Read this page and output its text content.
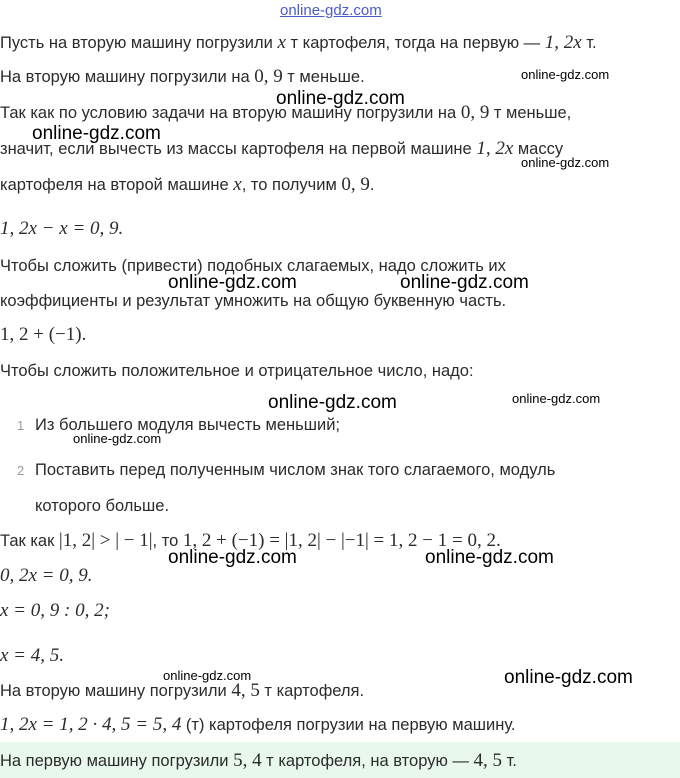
online-gdz.com
Пусть на вторую машину погрузили x т картофеля, тогда на первую — 1, 2x т.
На вторую машину погрузили на 0, 9 т меньше.
Так как по условию задачи на вторую машину погрузили на 0, 9 т меньше,
значит, если вычесть из массы картофеля на первой машине 1, 2x массу
картофеля на второй машине x, то получим 0, 9.
1, 2x − x = 0, 9.
Чтобы сложить (привести) подобных слагаемых, надо сложить их
коэффициенты и результат умножить на общую буквенную часть.
1, 2 + (−1).
Чтобы сложить положительное и отрицательное число, надо:
1 Из большего модуля вычесть меньший;
2 Поставить перед полученным числом знак того слагаемого, модуль
которого больше.
Так как |1, 2| > | − 1|, то 1, 2 + (−1) = |1, 2| − |−1| = 1, 2 − 1 = 0, 2.
0, 2x = 0, 9.
x = 0, 9 : 0, 2;
x = 4, 5.
На вторую машину погрузили 4, 5 т картофеля.
1, 2x = 1, 2 · 4, 5 = 5, 4 (т) картофеля погрузии на первую машину.
На первую машину погрузили 5, 4 т картофеля, на вторую — 4, 5 т.
online-gdz.com
online-gdz.com
online-gdz.com
online-gdz.com
online-gdz.com	online-gdz.com
online-gdz.com	online-gdz.com
online-gdz.com
online-gdz.com	online-gdz.com
online-gdz.com	online-gdz.com
